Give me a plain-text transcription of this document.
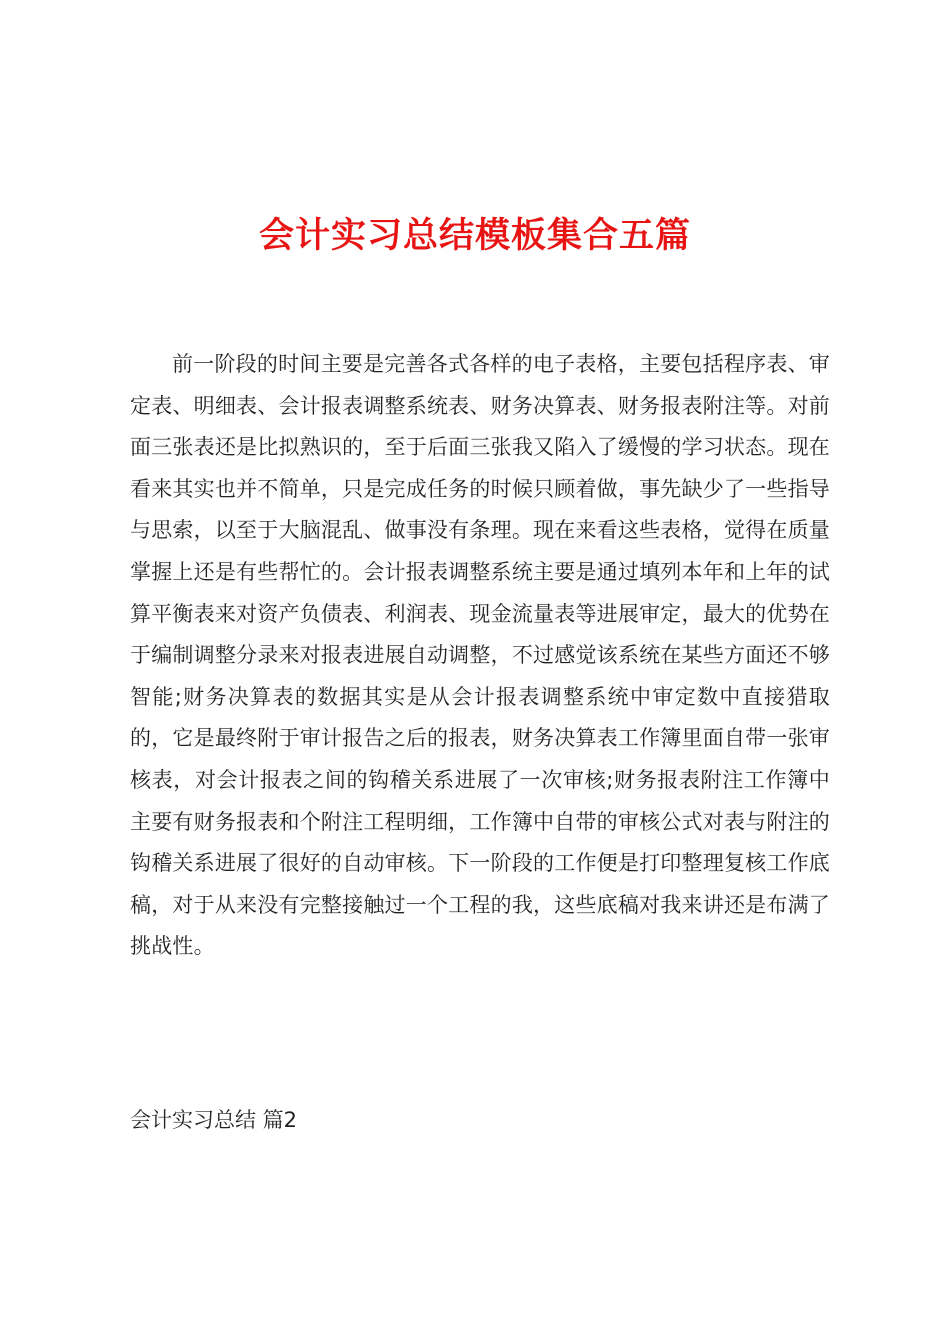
会计实习总结模板集合五篇

前一阶段的时间主要是完善各式各样的电子表格，主要包括程序表、审定表、明细表、会计报表调整系统表、财务决算表、财务报表附注等。对前面三张表还是比拟熟识的，至于后面三张我又陷入了缓慢的学习状态。现在看来其实也并不简单，只是完成任务的时候只顾着做，事先缺少了一些指导与思索，以至于大脑混乱、做事没有条理。现在来看这些表格，觉得在质量掌握上还是有些帮忙的。会计报表调整系统主要是通过填列本年和上年的试算平衡表来对资产负债表、利润表、现金流量表等进展审定，最大的优势在于编制调整分录来对报表进展自动调整，不过感觉该系统在某些方面还不够智能;财务决算表的数据其实是从会计报表调整系统中审定数中直接猎取的，它是最终附于审计报告之后的报表，财务决算表工作簿里面自带一张审核表，对会计报表之间的钩稽关系进展了一次审核;财务报表附注工作簿中主要有财务报表和个附注工程明细，工作簿中自带的审核公式对表与附注的钩稽关系进展了很好的自动审核。下一阶段的工作便是打印整理复核工作底稿，对于从来没有完整接触过一个工程的我，这些底稿对我来讲还是布满了挑战性。

会计实习总结 篇2
